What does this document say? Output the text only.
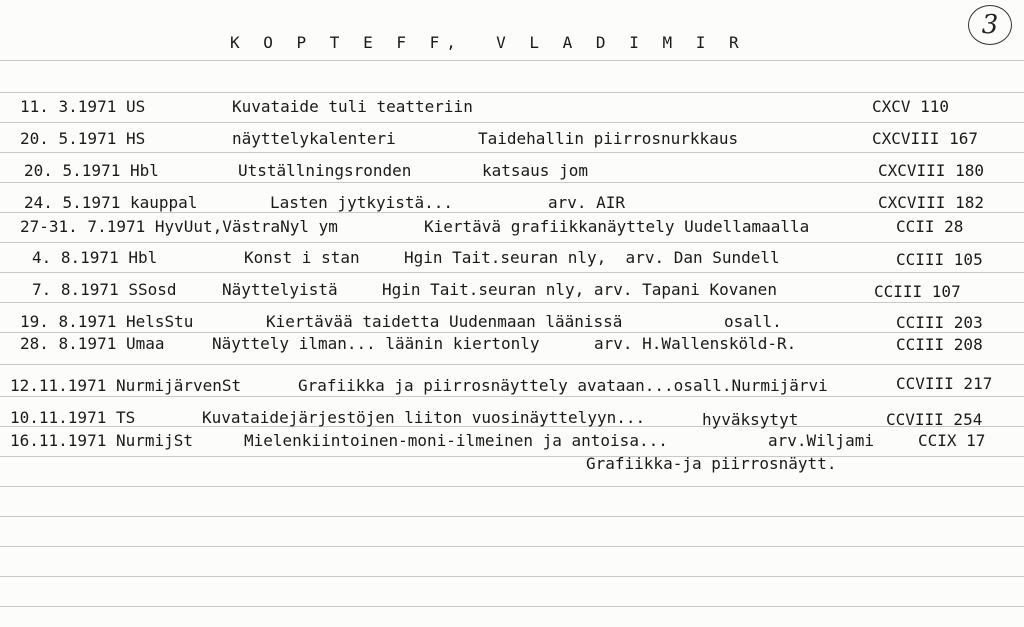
K O P T E F F,  V L A D I M I R
3
11. 3.1971 US	Kuvataide tuli teatteriin	CXCV 110
20. 5.1971 HS	näyttelykalenteri	Taidehallin piirrosnurkkaus	CXCVIII 167
20. 5.1971 Hbl	Utställningsronden	katsaus jom	CXCVIII 180
24. 5.1971 kauppal	Lasten jytkyistä...	arv. AIR	CXCVIII 182
27-31. 7.1971 HyvUut,VästraNyl ym	Kiertävä grafiikkanäyttely Uudellamaalla	CCII 28
4. 8.1971 Hbl	Konst i stan	Hgin Tait.seuran nly,  arv. Dan Sundell	CCIII 105
7. 8.1971 SSosd	Näyttelyistä	Hgin Tait.seuran nly, arv. Tapani Kovanen	CCIII 107
19. 8.1971 HelsStu	Kiertävää taidetta Uudenmaan läänissä	osall.	CCIII 203
28. 8.1971 Umaa	Näyttely ilman... läänin kiertonly	arv. H.Wallensköld-R.	CCIII 208
12.11.1971 NurmijärvenSt	Grafiikka ja piirrosnäyttely avataan...osall.Nurmijärvi	CCVIII 217
10.11.1971 TS	Kuvataidejärjestöjen liiton vuosinäyttelyyn...	hyväksytyt	CCVIII 254
16.11.1971 NurmijSt	Mielenkiintoinen-moni-ilmeinen ja antoisa...	arv.Wiljami	CCIX 17
Grafiikka-ja piirrosnäytt.
